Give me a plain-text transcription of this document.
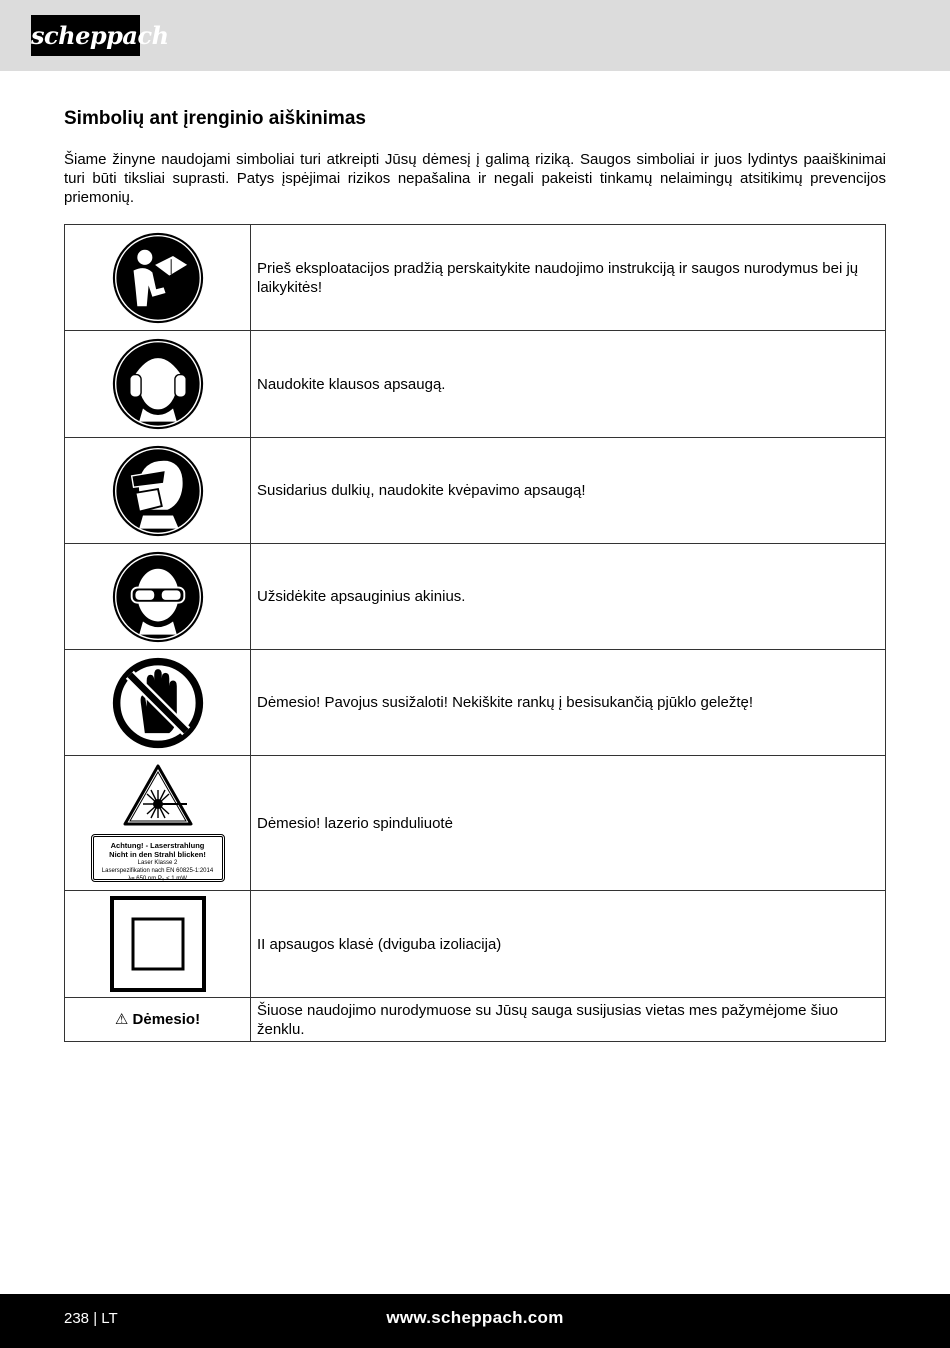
scheppach
Simbolių ant įrenginio aiškinimas

Šiame žinyne naudojami simboliai turi atkreipti Jūsų dėmesį į galimą riziką. Saugos simboliai ir juos lydintys paaiškinimai turi būti tiksliai suprasti. Patys įspėjimai rizikos nepašalina ir negali pakeisti tinkamų nelaimingų atsitikimų prevencijos priemonių.

	Prieš eksploatacijos pradžią perskaitykite naudojimo instrukciją ir saugos nurodymus bei jų laikykitės!

	Naudokite klausos apsaugą.

	Susidarius dulkių, naudokite kvėpavimo apsaugą!

	Užsidėkite apsauginius akinius.

	Dėmesio! Pavojus susižaloti! Nekiškite rankų į besisukančią pjūklo geležtę!

Achtung! - Laserstrahlung
Nicht in den Strahl blicken!
Laser Klasse 2
Laserspezifikation nach EN 60825-1:2014
λ= 650 nm P₀ < 1 mW	Dėmesio! lazerio spinduliuotė

	II apsaugos klasė (dviguba izoliacija)
⚠ Dėmesio!	Šiuose naudojimo nurodymuose su Jūsų sauga susijusias vietas mes pažymėjome šiuo ženklu.
238 | LT	www.scheppach.com
